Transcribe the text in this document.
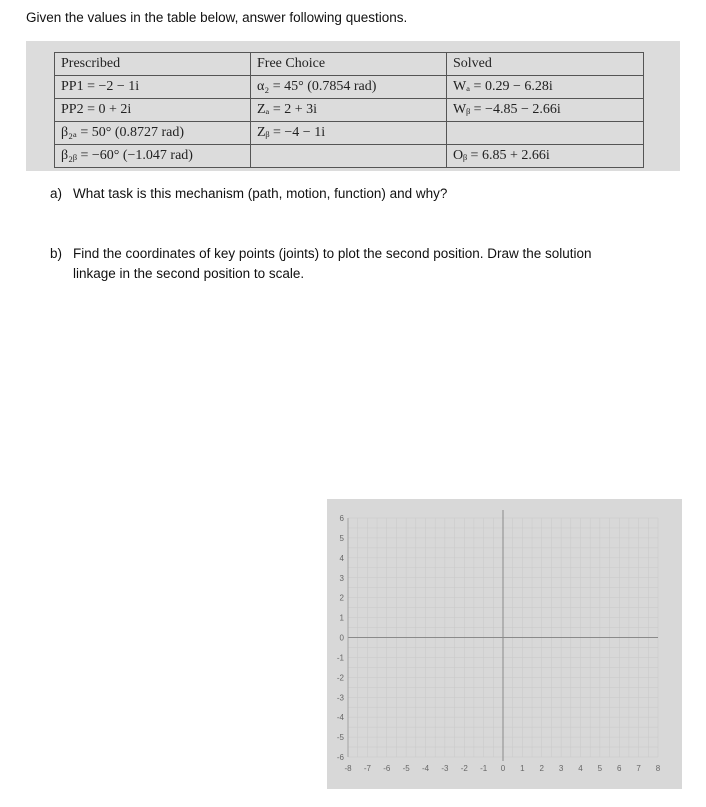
Given the values in the table below, answer following questions.
Prescribed	Free Choice	Solved
PP1 = −2 − 1i	α₂ = 45° (0.7854 rad)	Wₐ = 0.29 − 6.28i
PP2 = 0 + 2i	Zₐ = 2 + 3i	Wᵦ = −4.85 − 2.66i
β₂ₐ = 50° (0.8727 rad)	Zᵦ = −4 − 1i	
β₂ᵦ = −60° (−1.047 rad)		Oᵦ = 6.85 + 2.66i
a) What task is this mechanism (path, motion, function) and why?
b) Find the coordinates of key points (joints) to plot the second position. Draw the solution
linkage in the second position to scale.
-8 -7 -6 -5 -4 -3 -2 -1 0 1 2 3 4 5 6 7 8
6
5
4
3
2
1
0
-1
-2
-3
-4
-5
-6
